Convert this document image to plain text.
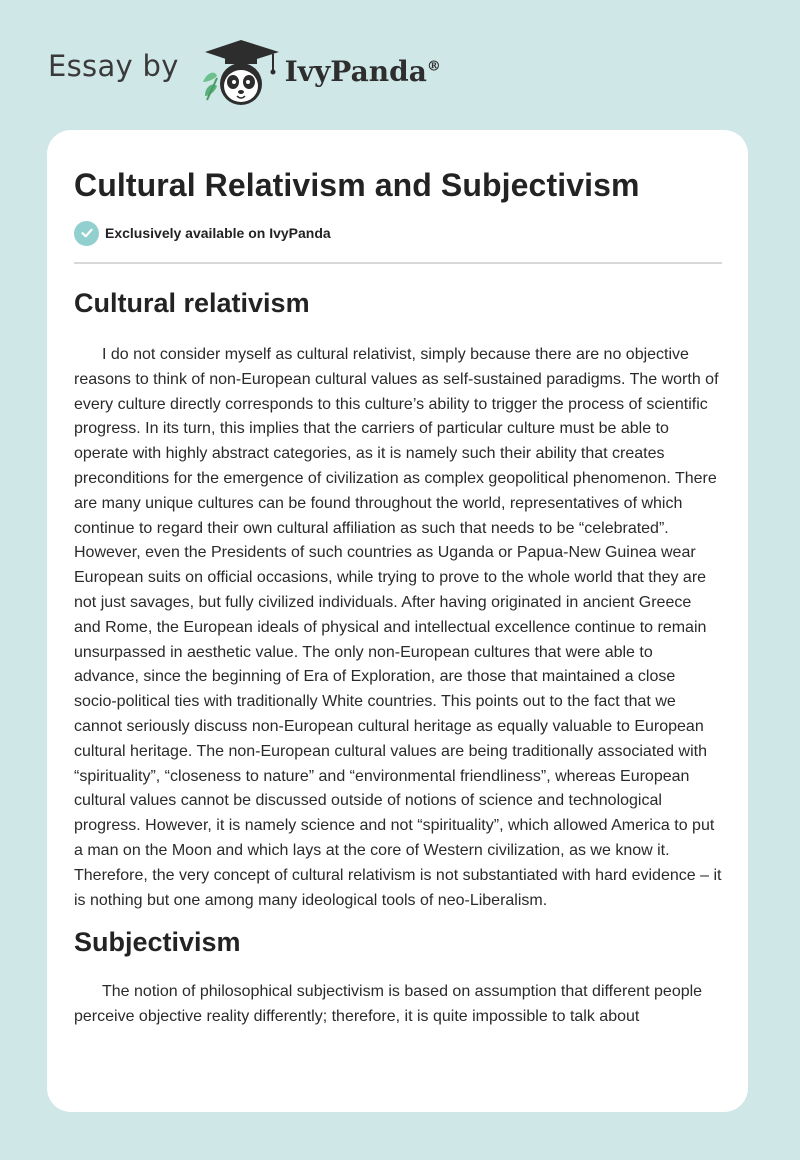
Essay by	IvyPanda®
Cultural Relativism and Subjectivism
Exclusively available on IvyPanda
Cultural relativism

I do not consider myself as cultural relativist, simply because there are no objective reasons to think of non-European cultural values as self-sustained paradigms. The worth of every culture directly corresponds to this culture’s ability to trigger the process of scientific progress. In its turn, this implies that the carriers of particular culture must be able to operate with highly abstract categories, as it is namely such their ability that creates preconditions for the emergence of civilization as complex geopolitical phenomenon. There are many unique cultures can be found throughout the world, representatives of which continue to regard their own cultural affiliation as such that needs to be “celebrated”. However, even the Presidents of such countries as Uganda or Papua-New Guinea wear European suits on official occasions, while trying to prove to the whole world that they are not just savages, but fully civilized individuals. After having originated in ancient Greece and Rome, the European ideals of physical and intellectual excellence continue to remain unsurpassed in aesthetic value. The only non-European cultures that were able to advance, since the beginning of Era of Exploration, are those that maintained a close socio-political ties with traditionally White countries. This points out to the fact that we cannot seriously discuss non-European cultural heritage as equally valuable to European cultural heritage. The non-European cultural values are being traditionally associated with “spirituality”, “closeness to nature” and “environmental friendliness”, whereas European cultural values cannot be discussed outside of notions of science and technological progress. However, it is namely science and not “spirituality”, which allowed America to put a man on the Moon and which lays at the core of Western civilization, as we know it. Therefore, the very concept of cultural relativism is not substantiated with hard evidence – it is nothing but one among many ideological tools of neo-Liberalism.

Subjectivism

The notion of philosophical subjectivism is based on assumption that different people perceive objective reality differently; therefore, it is quite impossible to talk about
